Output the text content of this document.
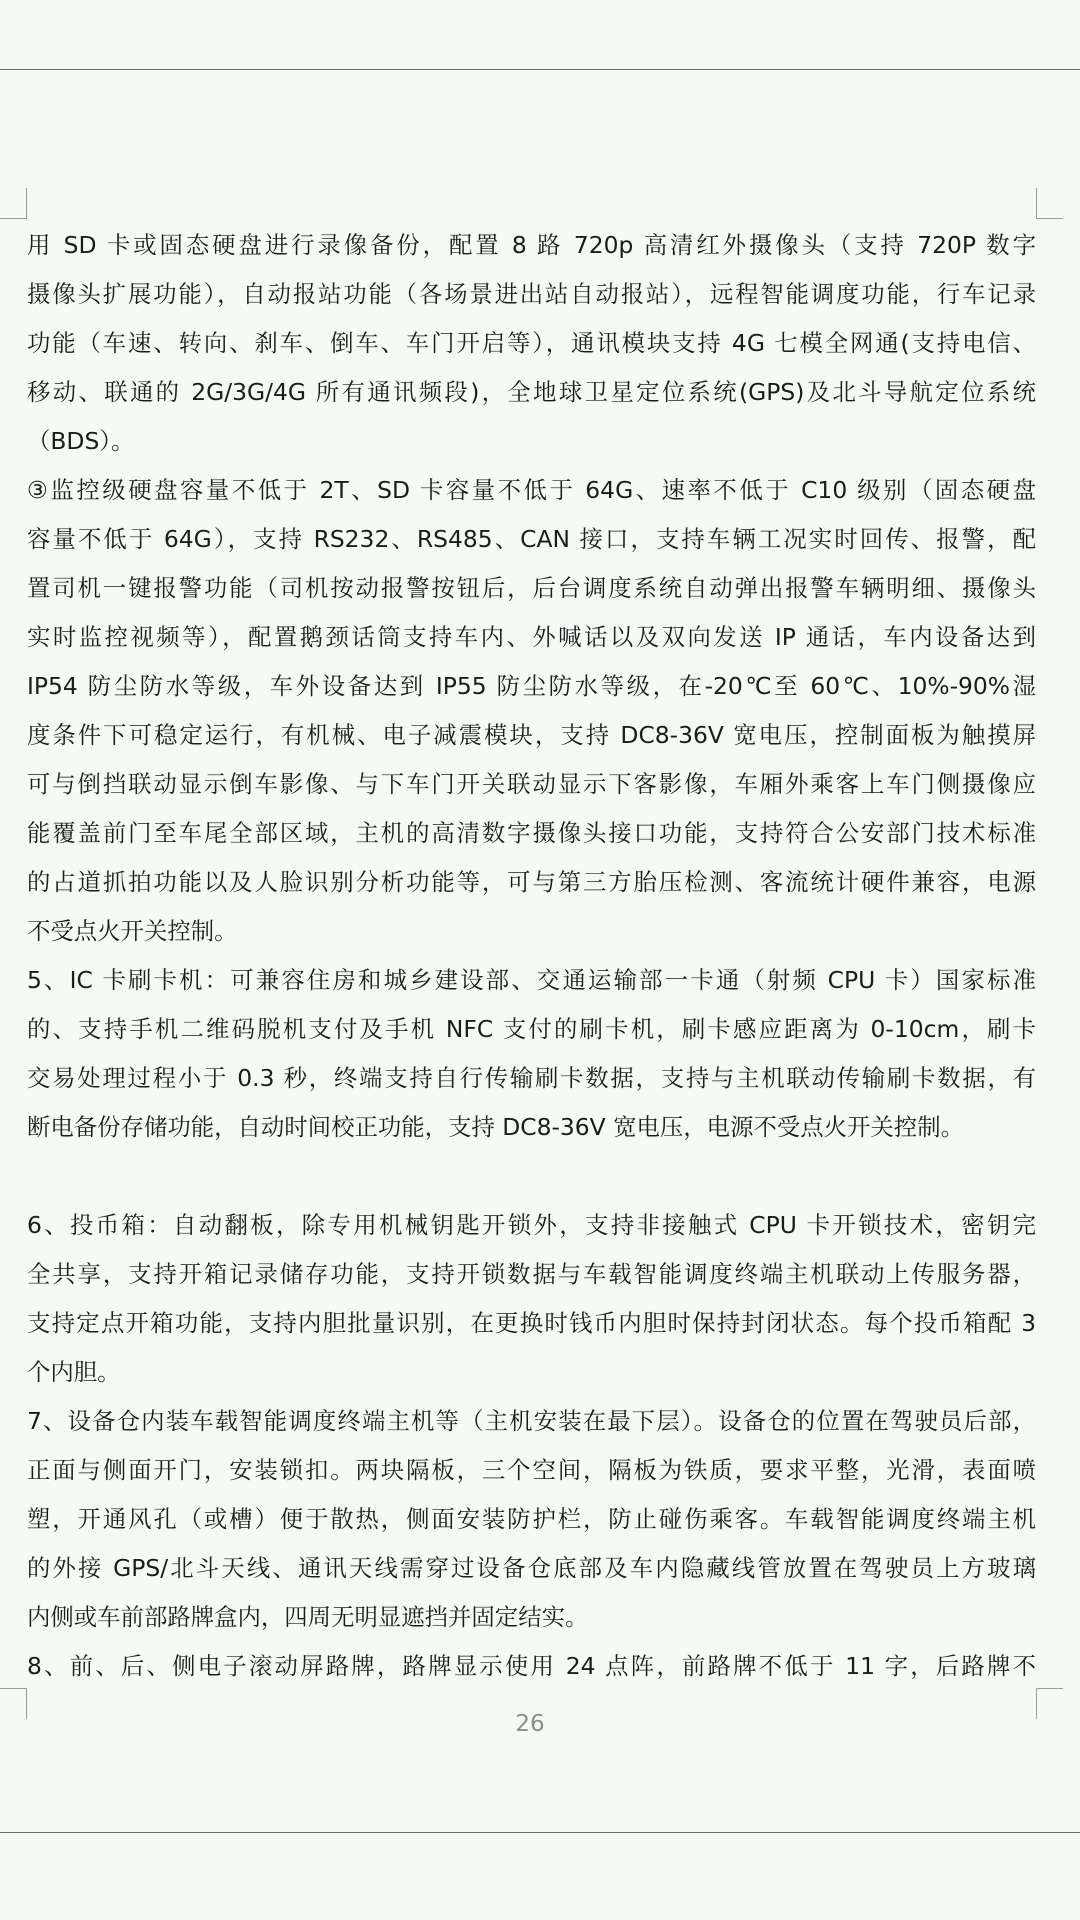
用 SD 卡或固态硬盘进行录像备份，配置 8 路 720p 高清红外摄像头（支持 720P 数字
摄像头扩展功能），自动报站功能（各场景进出站自动报站），远程智能调度功能，行车记录
功能（车速、转向、刹车、倒车、车门开启等），通讯模块支持 4G 七模全网通(支持电信、
移动、联通的 2G/3G/4G 所有通讯频段)，全地球卫星定位系统(GPS)及北斗导航定位系统
（BDS）。
③监控级硬盘容量不低于 2T、SD 卡容量不低于 64G、速率不低于 C10 级别（固态硬盘
容量不低于 64G），支持 RS232、RS485、CAN 接口，支持车辆工况实时回传、报警，配
置司机一键报警功能（司机按动报警按钮后，后台调度系统自动弹出报警车辆明细、摄像头
实时监控视频等），配置鹅颈话筒支持车内、外喊话以及双向发送 IP 通话，车内设备达到
IP54 防尘防水等级，车外设备达到 IP55 防尘防水等级，在-20℃至 60℃、10%-90%湿
度条件下可稳定运行，有机械、电子减震模块，支持 DC8-36V 宽电压，控制面板为触摸屏
可与倒挡联动显示倒车影像、与下车门开关联动显示下客影像，车厢外乘客上车门侧摄像应
能覆盖前门至车尾全部区域，主机的高清数字摄像头接口功能，支持符合公安部门技术标准
的占道抓拍功能以及人脸识别分析功能等，可与第三方胎压检测、客流统计硬件兼容，电源
不受点火开关控制。
5、IC 卡刷卡机：可兼容住房和城乡建设部、交通运输部一卡通（射频 CPU 卡）国家标准
的、支持手机二维码脱机支付及手机 NFC 支付的刷卡机，刷卡感应距离为 0-10cm，刷卡
交易处理过程小于 0.3 秒，终端支持自行传输刷卡数据，支持与主机联动传输刷卡数据，有
断电备份存储功能，自动时间校正功能，支持 DC8-36V 宽电压，电源不受点火开关控制。
6、投币箱：自动翻板，除专用机械钥匙开锁外，支持非接触式 CPU 卡开锁技术，密钥完
全共享，支持开箱记录储存功能，支持开锁数据与车载智能调度终端主机联动上传服务器，
支持定点开箱功能，支持内胆批量识别，在更换时钱币内胆时保持封闭状态。每个投币箱配 3
个内胆。
7、设备仓内装车载智能调度终端主机等（主机安装在最下层）。设备仓的位置在驾驶员后部，
正面与侧面开门，安装锁扣。两块隔板，三个空间，隔板为铁质，要求平整，光滑，表面喷
塑，开通风孔（或槽）便于散热，侧面安装防护栏，防止碰伤乘客。车载智能调度终端主机
的外接 GPS/北斗天线、通讯天线需穿过设备仓底部及车内隐藏线管放置在驾驶员上方玻璃
内侧或车前部路牌盒内，四周无明显遮挡并固定结实。
8、前、后、侧电子滚动屏路牌，路牌显示使用 24 点阵，前路牌不低于 11 字，后路牌不
26
